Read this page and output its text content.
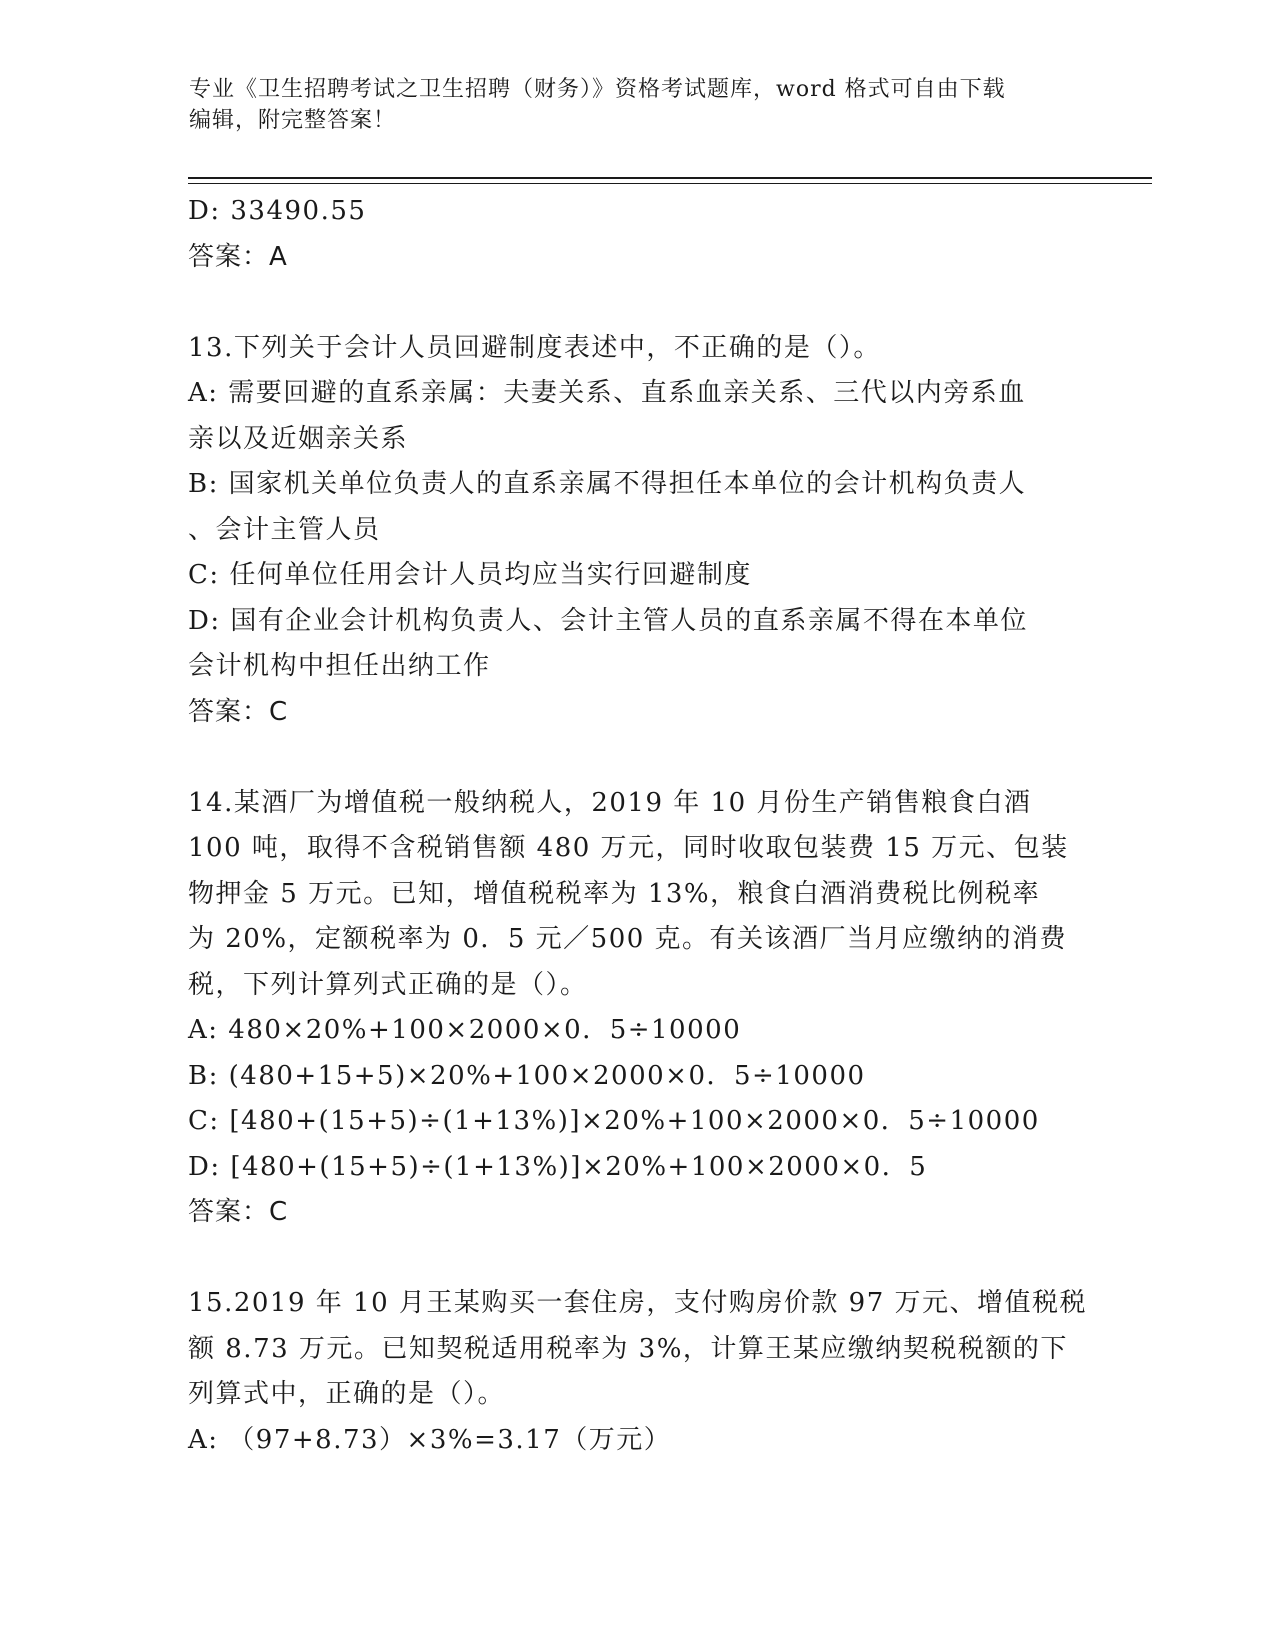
专业《卫生招聘考试之卫生招聘（财务）》资格考试题库，word 格式可自由下载
编辑，附完整答案！
D: 33490.55
答案：A
13.下列关于会计人员回避制度表述中，不正确的是（）。
A: 需要回避的直系亲属：夫妻关系、直系血亲关系、三代以内旁系血
亲以及近姻亲关系
B: 国家机关单位负责人的直系亲属不得担任本单位的会计机构负责人
、会计主管人员
C: 任何单位任用会计人员均应当实行回避制度
D: 国有企业会计机构负责人、会计主管人员的直系亲属不得在本单位
会计机构中担任出纳工作
答案：C
14.某酒厂为增值税一般纳税人，2019 年 10 月份生产销售粮食白酒
100 吨，取得不含税销售额 480 万元，同时收取包装费 15 万元、包装
物押金 5 万元。已知，增值税税率为 13%，粮食白酒消费税比例税率
为 20%，定额税率为 0．5 元／500 克。有关该酒厂当月应缴纳的消费
税，下列计算列式正确的是（）。
A: 480×20%+100×2000×0．5÷10000
B: (480+15+5)×20%+100×2000×0．5÷10000
C: [480+(15+5)÷(1+13%)]×20%+100×2000×0．5÷10000
D: [480+(15+5)÷(1+13%)]×20%+100×2000×0．5
答案：C
15.2019 年 10 月王某购买一套住房，支付购房价款 97 万元、增值税税
额 8.73 万元。已知契税适用税率为 3%，计算王某应缴纳契税税额的下
列算式中，正确的是（）。
A: （97+8.73）×3%=3.17（万元）
